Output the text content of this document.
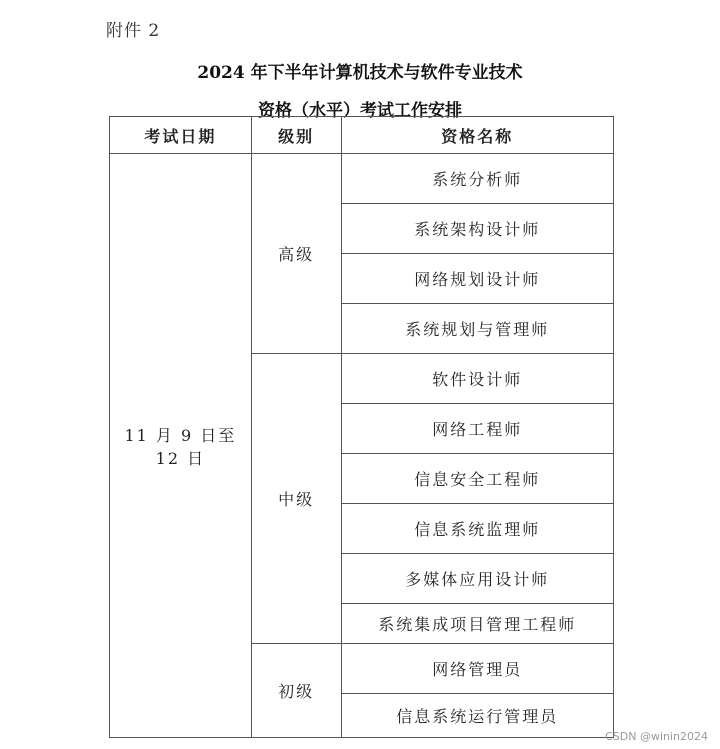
附件 2
2024 年下半年计算机技术与软件专业技术
资格（水平）考试工作安排
考试日期	级别	资格名称
11 月 9 日至 12 日	高级	系统分析师
		系统架构设计师
		网络规划设计师
		系统规划与管理师
	中级	软件设计师
		网络工程师
		信息安全工程师
		信息系统监理师
		多媒体应用设计师
		系统集成项目管理工程师
	初级	网络管理员
		信息系统运行管理员
CSDN @winin2024
